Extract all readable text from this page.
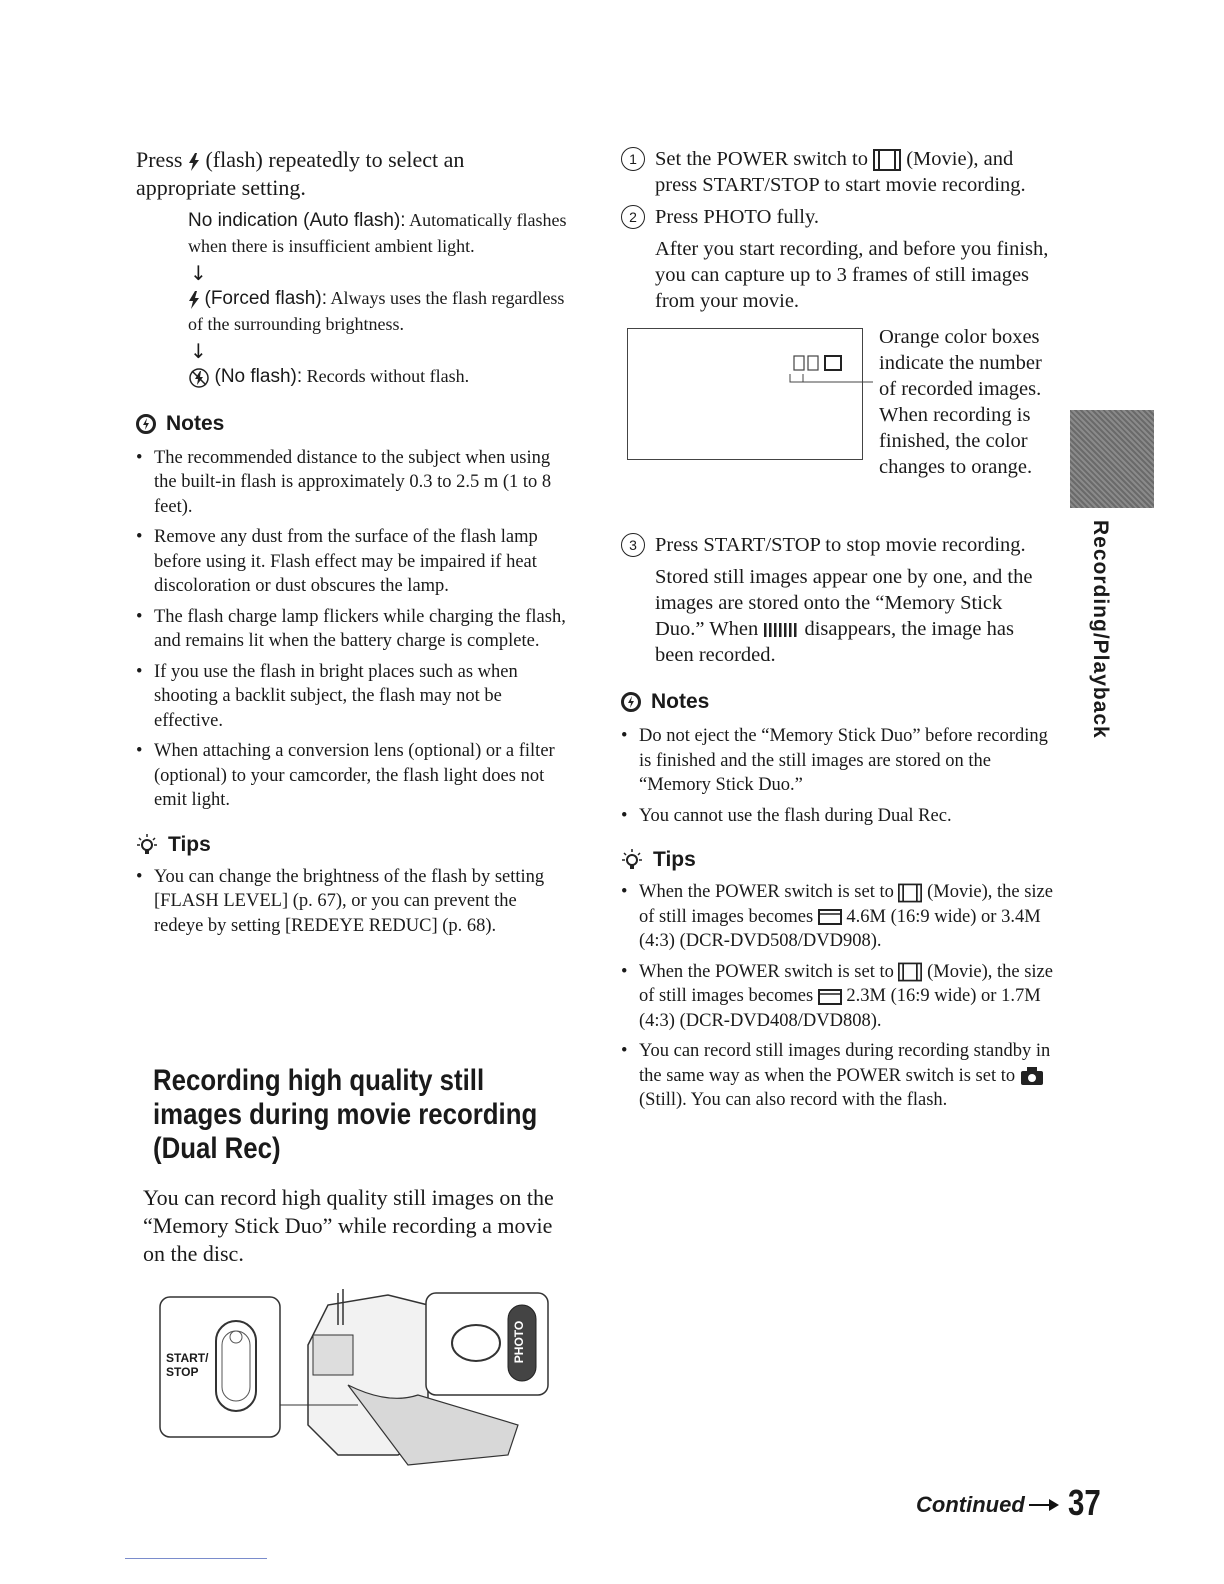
Press (flash) repeatedly to select an appropriate setting.
No indication (Auto flash): Automatically flashes when there is insufficient ambient light.
↓
(Forced flash): Always uses the flash regardless of the surrounding brightness.
↓
(No flash): Records without flash.
Notes
• The recommended distance to the subject when using the built-in flash is approximately 0.3 to 2.5 m (1 to 8 feet).
• Remove any dust from the surface of the flash lamp before using it. Flash effect may be impaired if heat discoloration or dust obscures the lamp.
• The flash charge lamp flickers while charging the flash, and remains lit when the battery charge is complete.
• If you use the flash in bright places such as when shooting a backlit subject, the flash may not be effective.
• When attaching a conversion lens (optional) or a filter (optional) to your camcorder, the flash light does not emit light.
Tips
• You can change the brightness of the flash by setting [FLASH LEVEL] (p. 67), or you can prevent the redeye by setting [REDEYE REDUC] (p. 68).
Recording high quality still images during movie recording (Dual Rec)
You can record high quality still images on the “Memory Stick Duo” while recording a movie on the disc.
START/
STOP
PHOTO
1 Set the POWER switch to (Movie), and press START/STOP to start movie recording.
2 Press PHOTO fully.
After you start recording, and before you finish, you can capture up to 3 frames of still images from your movie.
Orange color boxes indicate the number of recorded images. When recording is finished, the color changes to orange.
3 Press START/STOP to stop movie recording.
Stored still images appear one by one, and the images are stored onto the “Memory Stick Duo.” When disappears, the image has been recorded.
Notes
• Do not eject the “Memory Stick Duo” before recording is finished and the still images are stored on the “Memory Stick Duo.”
• You cannot use the flash during Dual Rec.
Tips
• When the POWER switch is set to (Movie), the size of still images becomes 4.6M (16:9 wide) or 3.4M (4:3) (DCR-DVD508/DVD908).
• When the POWER switch is set to (Movie), the size of still images becomes 2.3M (16:9 wide) or 1.7M (4:3) (DCR-DVD408/DVD808).
• You can record still images during recording standby in the same way as when the POWER switch is set to  (Still). You can also record with the flash.
Recording/Playback
Continued 37
